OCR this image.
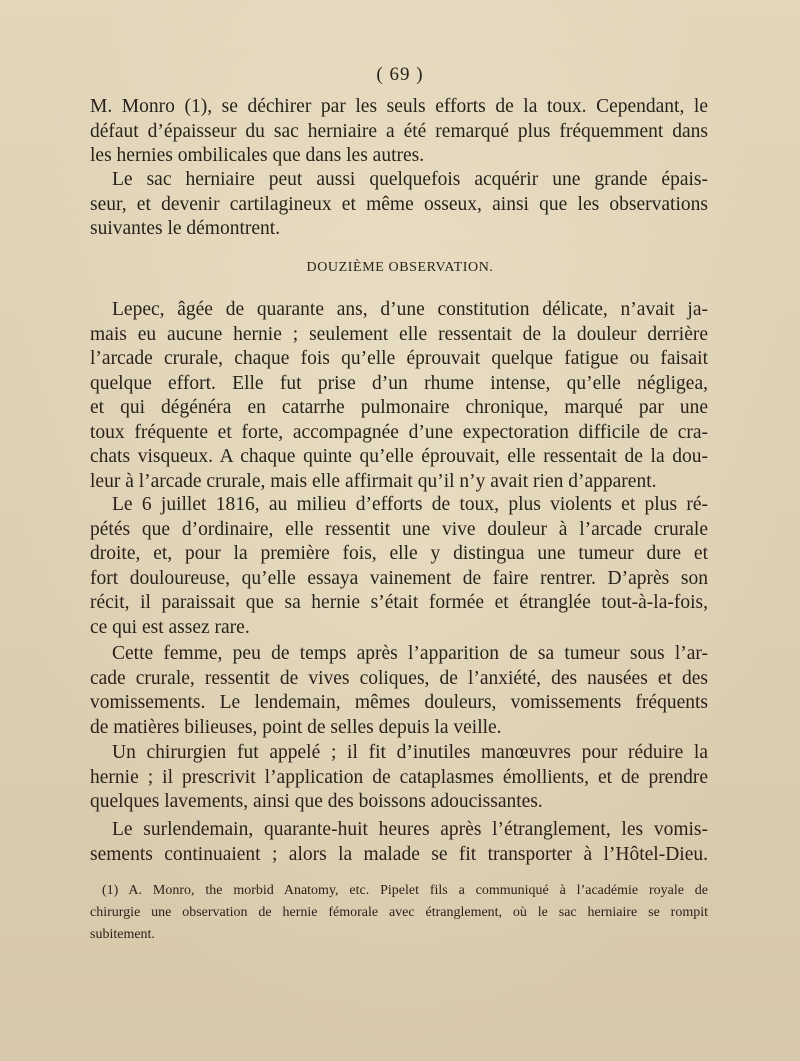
( 69 )
M. Monro (1), se déchirer par les seuls efforts de la toux. Cependant, le
défaut d’épaisseur du sac herniaire a été remarqué plus fréquemment dans
les hernies ombilicales que dans les autres.
Le sac herniaire peut aussi quelquefois acquérir une grande épais-
seur, et devenir cartilagineux et même osseux, ainsi que les observations
suivantes le démontrent.
DOUZIÈME OBSERVATION.
Lepec, âgée de quarante ans, d’une constitution délicate, n’avait ja-
mais eu aucune hernie ; seulement elle ressentait de la douleur derrière
l’arcade crurale, chaque fois qu’elle éprouvait quelque fatigue ou faisait
quelque effort. Elle fut prise d’un rhume intense, qu’elle négligea,
et qui dégénéra en catarrhe pulmonaire chronique, marqué par une
toux fréquente et forte, accompagnée d’une expectoration difficile de cra-
chats visqueux. A chaque quinte qu’elle éprouvait, elle ressentait de la dou-
leur à l’arcade crurale, mais elle affirmait qu’il n’y avait rien d’apparent.
Le 6 juillet 1816, au milieu d’efforts de toux, plus violents et plus ré-
pétés que d’ordinaire, elle ressentit une vive douleur à l’arcade crurale
droite, et, pour la première fois, elle y distingua une tumeur dure et
fort douloureuse, qu’elle essaya vainement de faire rentrer. D’après son
récit, il paraissait que sa hernie s’était formée et étranglée tout-à-la-fois,
ce qui est assez rare.
Cette femme, peu de temps après l’apparition de sa tumeur sous l’ar-
cade crurale, ressentit de vives coliques, de l’anxiété, des nausées et des
vomissements. Le lendemain, mêmes douleurs, vomissements fréquents
de matières bilieuses, point de selles depuis la veille.
Un chirurgien fut appelé ; il fit d’inutiles manœuvres pour réduire la
hernie ; il prescrivit l’application de cataplasmes émollients, et de prendre
quelques lavements, ainsi que des boissons adoucissantes.
Le surlendemain, quarante-huit heures après l’étranglement, les vomis-
sements continuaient ; alors la malade se fit transporter à l’Hôtel-Dieu.
(1) A. Monro, the morbid Anatomy, etc. Pipelet fils a communiqué à l’académie royale de
chirurgie une observation de hernie fémorale avec étranglement, où le sac herniaire se rompit
subitement.
